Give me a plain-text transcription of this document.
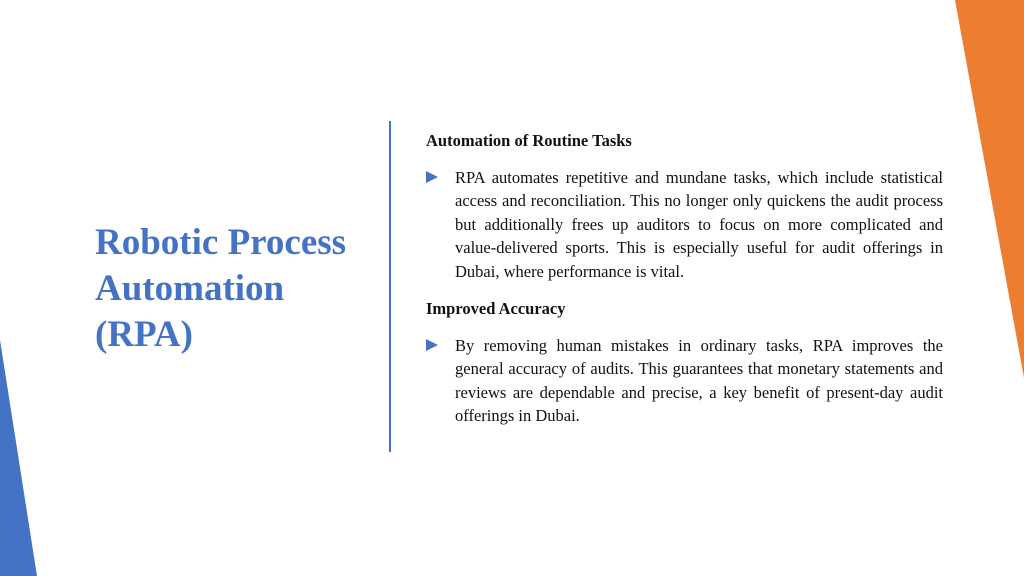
Robotic Process Automation (RPA)

Automation of Routine Tasks

RPA automates repetitive and mundane tasks, which include statistical access and reconciliation. This no longer only quickens the audit process but additionally frees up auditors to focus on more complicated and value-delivered sports. This is especially useful for audit offerings in Dubai, where performance is vital.

Improved Accuracy

By removing human mistakes in ordinary tasks, RPA improves the general accuracy of audits. This guarantees that monetary statements and reviews are dependable and precise, a key benefit of present-day audit offerings in Dubai.
